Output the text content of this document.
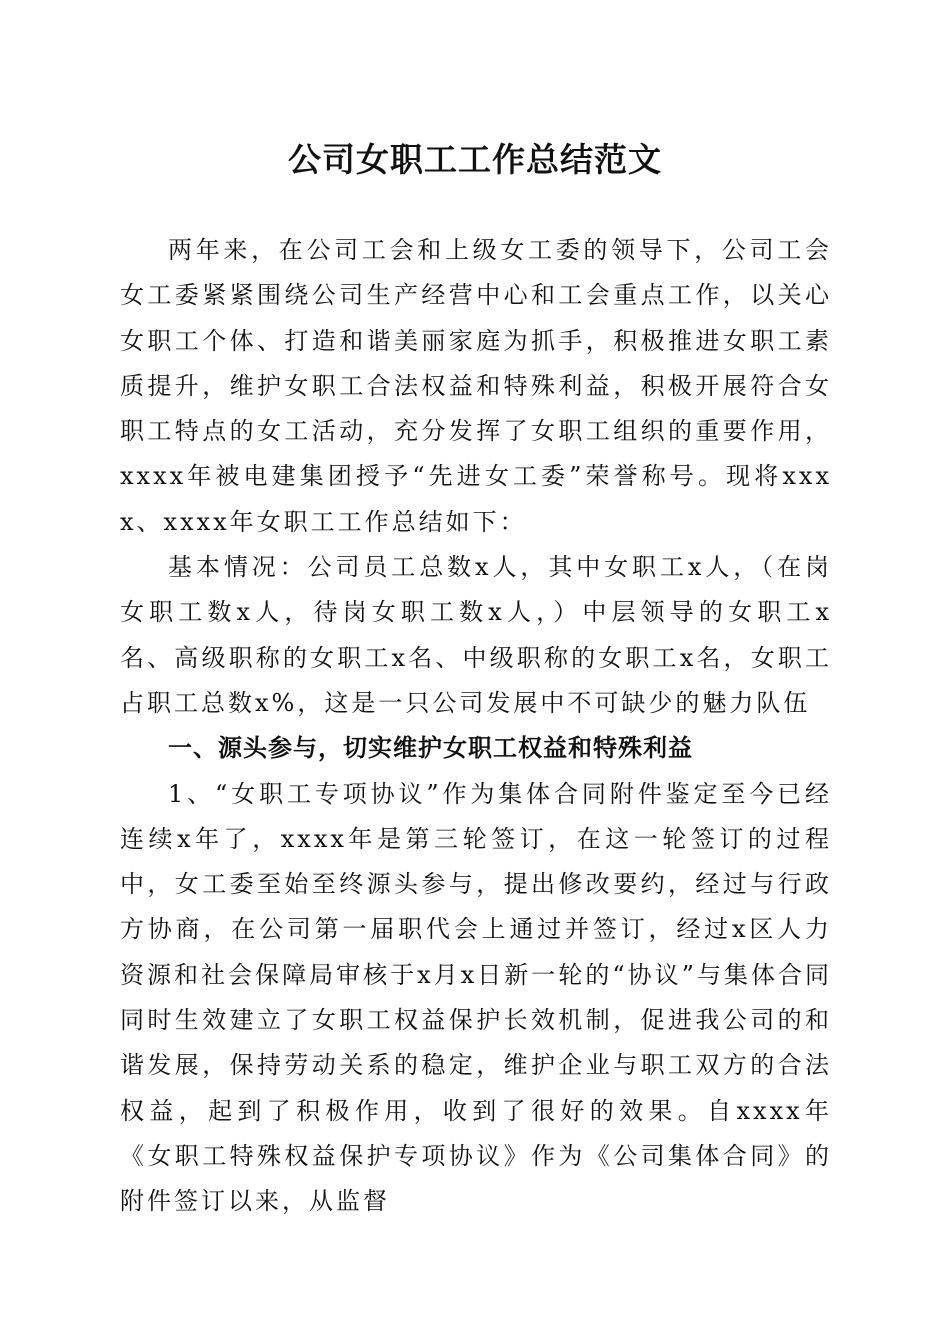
公司女职工工作总结范文

两年来，在公司工会和上级女工委的领导下，公司工会女工委紧紧围绕公司生产经营中心和工会重点工作，以关心女职工个体、打造和谐美丽家庭为抓手，积极推进女职工素质提升，维护女职工合法权益和特殊利益，积极开展符合女职工特点的女工活动，充分发挥了女职工组织的重要作用，xxxx年被电建集团授予“先进女工委”荣誉称号。现将xxxx、xxxx年女职工工作总结如下：

基本情况：公司员工总数x人，其中女职工x人，（在岗女职工数x人，待岗女职工数x人，）中层领导的女职工x名、高级职称的女职工x名、中级职称的女职工x名，女职工占职工总数x%，这是一只公司发展中不可缺少的魅力队伍

一、源头参与，切实维护女职工权益和特殊利益

1、“女职工专项协议”作为集体合同附件鉴定至今已经连续x年了，xxxx年是第三轮签订，在这一轮签订的过程中，女工委至始至终源头参与，提出修改要约，经过与行政方协商，在公司第一届职代会上通过并签订，经过x区人力资源和社会保障局审核于x月x日新一轮的“协议”与集体合同同时生效建立了女职工权益保护长效机制，促进我公司的和谐发展，保持劳动关系的稳定，维护企业与职工双方的合法权益，起到了积极作用，收到了很好的效果。自xxxx年《女职工特殊权益保护专项协议》作为《公司集体合同》的附件签订以来，从监督
